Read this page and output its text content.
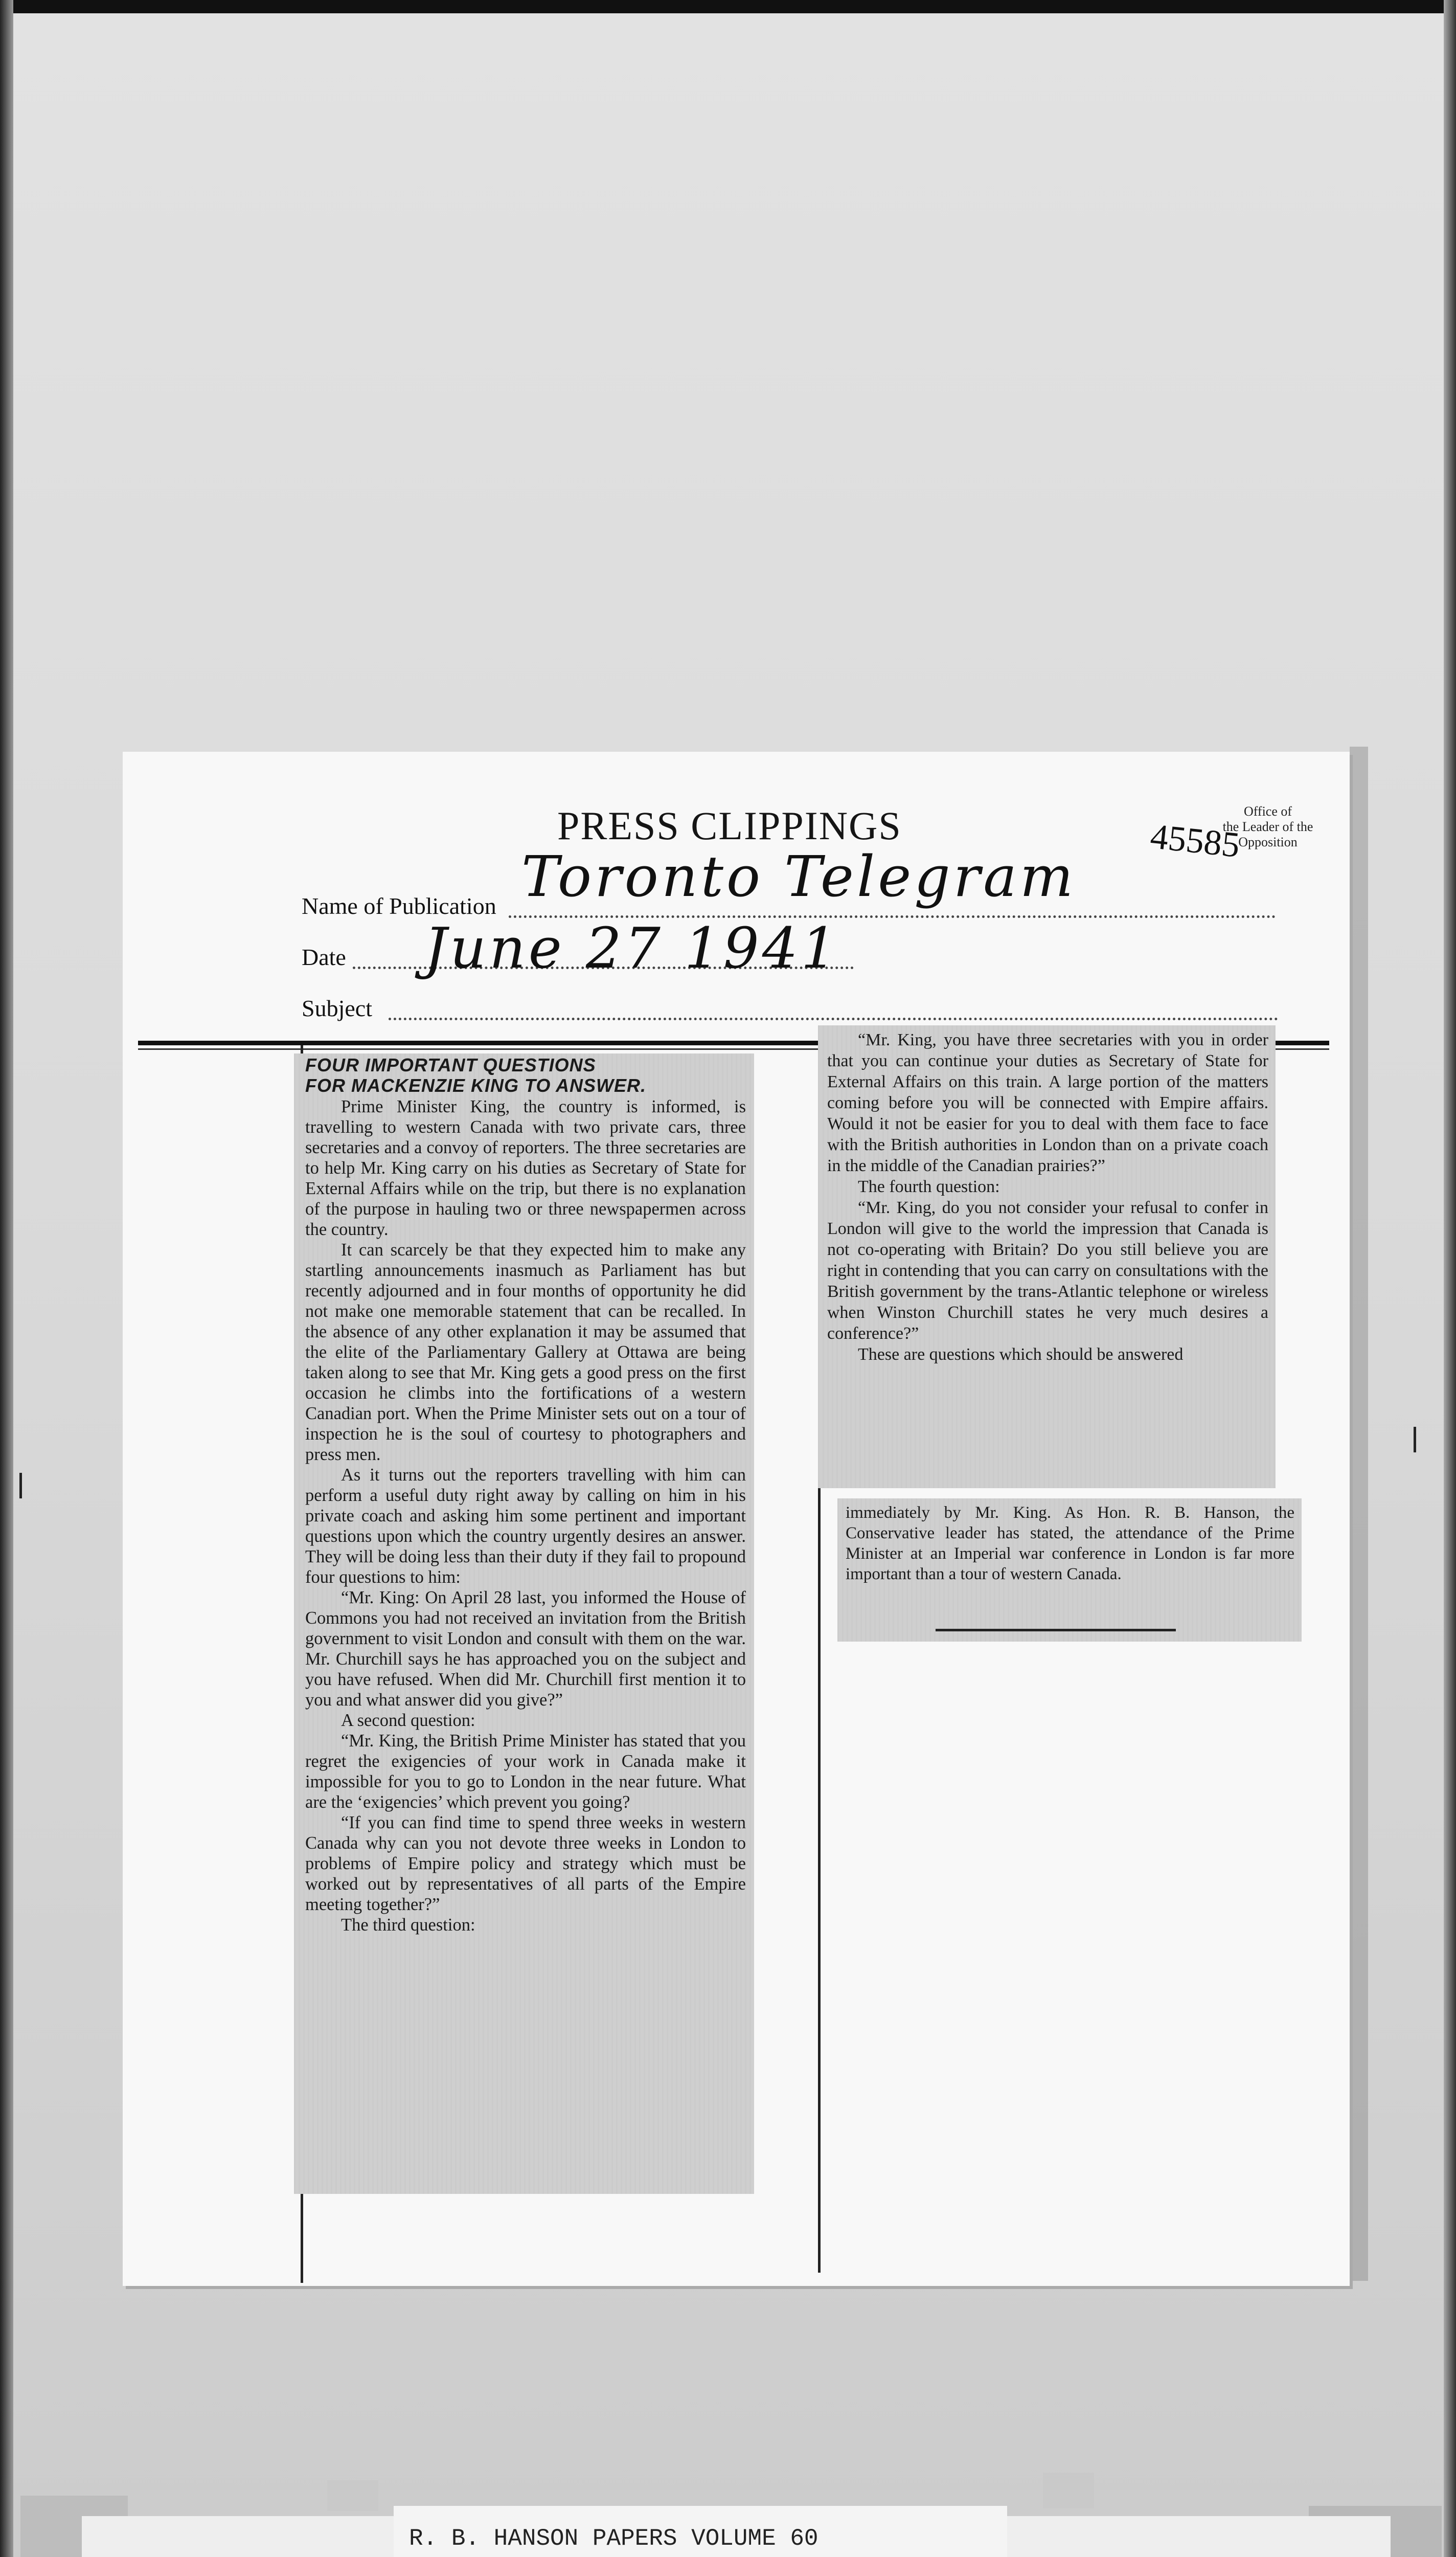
PRESS CLIPPINGS	Office of
the Leader of the Opposition
45585
Name of Publication Toronto Telegram
Date June 27 1941
Subject
FOUR IMPORTANT QUESTIONS
FOR MACKENZIE KING TO ANSWER.

Prime Minister King, the country is informed, is travelling to western Canada with two private cars, three secretaries and a convoy of reporters. The three secretaries are to help Mr. King carry on his duties as Secretary of State for External Affairs while on the trip, but there is no explanation of the purpose in hauling two or three newspapermen across the country.

It can scarcely be that they expected him to make any startling announcements inasmuch as Parliament has but recently adjourned and in four months of opportunity he did not make one memorable statement that can be recalled. In the absence of any other explanation it may be assumed that the elite of the Parliamentary Gallery at Ottawa are being taken along to see that Mr. King gets a good press on the first occasion he climbs into the fortifications of a western Canadian port. When the Prime Minister sets out on a tour of inspection he is the soul of courtesy to photographers and press men.

As it turns out the reporters travelling with him can perform a useful duty right away by calling on him in his private coach and asking him some pertinent and important questions upon which the country urgently desires an answer. They will be doing less than their duty if they fail to propound four questions to him:

“Mr. King: On April 28 last, you informed the House of Commons you had not received an invitation from the British government to visit London and consult with them on the war. Mr. Churchill says he has approached you on the subject and you have refused. When did Mr. Churchill first mention it to you and what answer did you give?”

A second question:

“Mr. King, the British Prime Minister has stated that you regret the exigencies of your work in Canada make it impossible for you to go to London in the near future. What are the ‘exigencies’ which prevent you going?

“If you can find time to spend three weeks in western Canada why can you not devote three weeks in London to problems of Empire policy and strategy which must be worked out by representatives of all parts of the Empire meeting together?”

The third question:

“Mr. King, you have three secretaries with you in order that you can continue your duties as Secretary of State for External Affairs on this train. A large portion of the matters coming before you will be connected with Empire affairs. Would it not be easier for you to deal with them face to face with the British authorities in London than on a private coach in the middle of the Canadian prairies?”

The fourth question:

“Mr. King, do you not consider your refusal to confer in London will give to the world the impression that Canada is not co-operating with Britain? Do you still believe you are right in contending that you can carry on consultations with the British government by the trans-Atlantic telephone or wireless when Winston Churchill states he very much desires a conference?”

These are questions which should be answered

immediately by Mr. King. As Hon. R. B. Hanson, the Conservative leader has stated, the attendance of the Prime Minister at an Imperial war conference in London is far more important than a tour of western Canada.

R. B. HANSON PAPERS VOLUME 60
